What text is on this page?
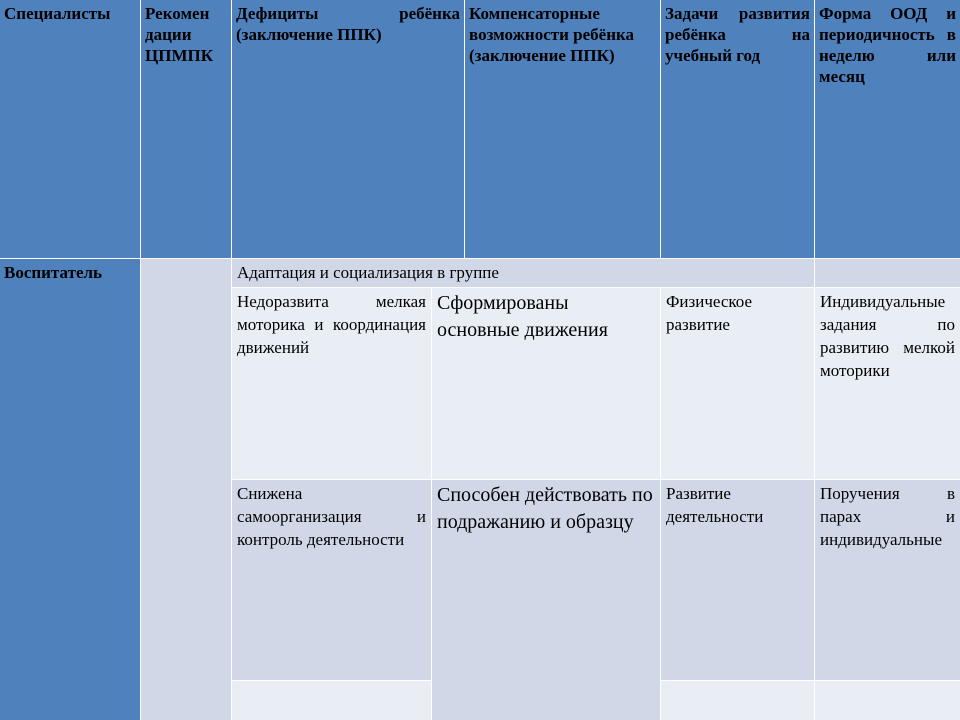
Специалисты	Рекомен дации ЦПМПК
Дефициты ребёнка (заключение ППК)
Компенсаторные возможности ребёнка (заключение ППК)
Задачи развития ребёнка на учебный год
Форма ООД и периодичность в неделю или месяц
Воспитатель	Адаптация и социализация в группе
Недоразвита мелкая моторика и координация движений
Сформированы основные движения
Физическое развитие
Индивидуальные задания по развитию мелкой моторики
Снижена самоорганизация и контроль деятельности
Способен действовать по подражанию и образцу
Развитие деятельности
Поручения в парах и индивидуальные
